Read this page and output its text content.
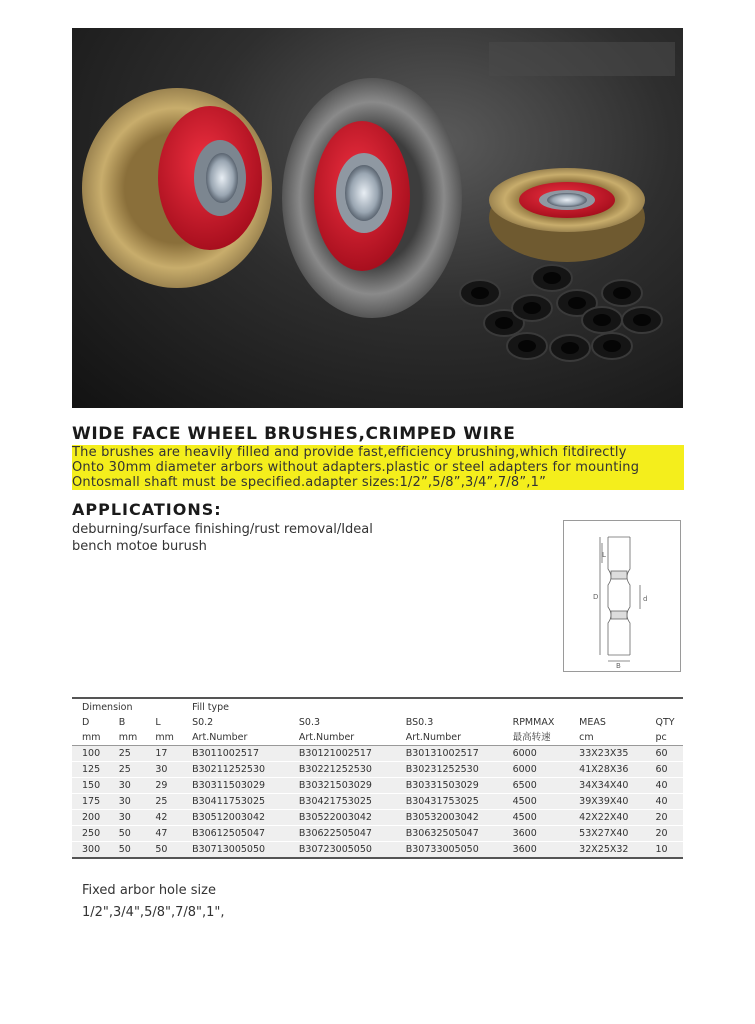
WIDE FACE WHEEL BRUSHES,CRIMPED WIRE
The brushes are heavily filled and provide fast,efficiency brushing,which fitdirectly
Onto 30mm diameter arbors without adapters.plastic or steel adapters for mounting
Ontosmall shaft must be specified.adapter sizes:1/2”,5/8”,3/4”,7/8”,1”
APPLICATIONS:
deburning/surface finishing/rust removal/Ideal
bench motoe burush
L
D	d
B
Dimension			Fill type					
D	B	L	S0.2	S0.3	BS0.3	RPMMAX	MEAS	QTY
mm	mm	mm	Art.Number	Art.Number	Art.Number	最高转速	cm	pc
100	25	17	B3011002517	B30121002517	B30131002517	6000	33X23X35	60
125	25	30	B30211252530	B30221252530	B30231252530	6000	41X28X36	60
150	30	29	B30311503029	B30321503029	B30331503029	6500	34X34X40	40
175	30	25	B30411753025	B30421753025	B30431753025	4500	39X39X40	40
200	30	42	B30512003042	B30522003042	B30532003042	4500	42X22X40	20
250	50	47	B30612505047	B30622505047	B30632505047	3600	53X27X40	20
300	50	50	B30713005050	B30723005050	B30733005050	3600	32X25X32	10
Fixed arbor hole size
1/2",3/4",5/8",7/8",1",
